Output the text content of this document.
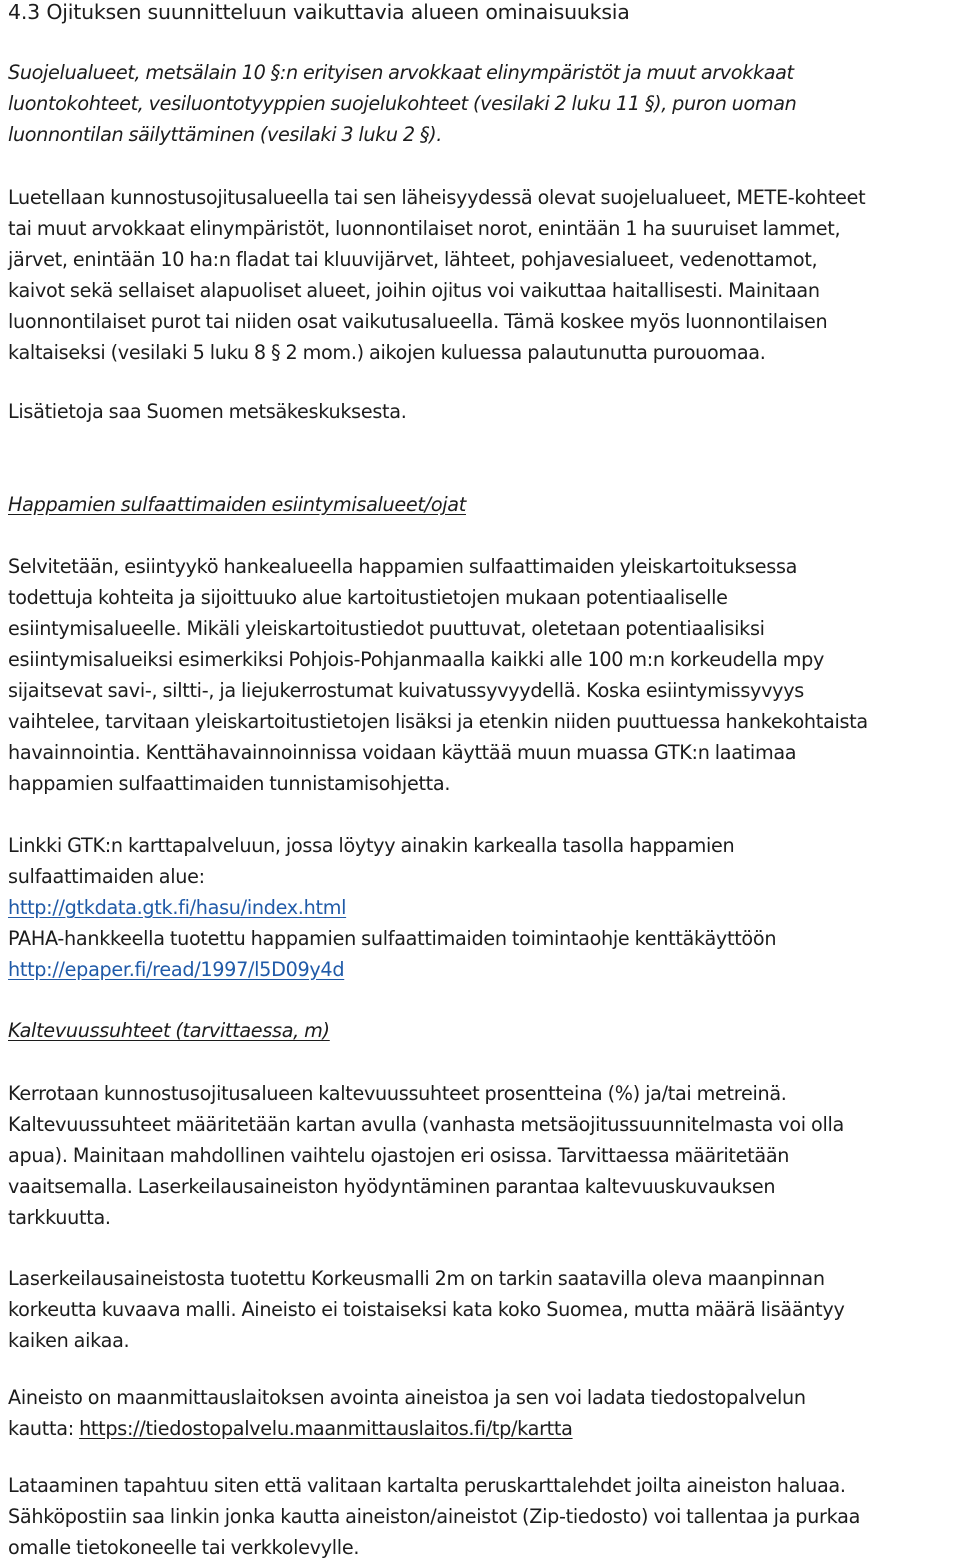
4.3 Ojituksen suunnitteluun vaikuttavia alueen ominaisuuksia

Suojelualueet, metsälain 10 §:n erityisen arvokkaat elinympäristöt ja muut arvokkaat
luontokohteet, vesiluontotyyppien suojelukohteet (vesilaki 2 luku 11 §), puron uoman
luonnontilan säilyttäminen (vesilaki 3 luku 2 §).

Luetellaan kunnostusojitusalueella tai sen läheisyydessä olevat suojelualueet, METE-kohteet
tai muut arvokkaat elinympäristöt, luonnontilaiset norot, enintään 1 ha suuruiset lammet,
järvet, enintään 10 ha:n fladat tai kluuvijärvet, lähteet, pohjavesialueet, vedenottamot,
kaivot sekä sellaiset alapuoliset alueet, joihin ojitus voi vaikuttaa haitallisesti. Mainitaan
luonnontilaiset purot tai niiden osat vaikutusalueella. Tämä koskee myös luonnontilaisen
kaltaiseksi (vesilaki 5 luku 8 § 2 mom.) aikojen kuluessa palautunutta purouomaa.

Lisätietoja saa Suomen metsäkeskuksesta.

Happamien sulfaattimaiden esiintymisalueet/ojat

Selvitetään, esiintyykö hankealueella happamien sulfaattimaiden yleiskartoituksessa
todettuja kohteita ja sijoittuuko alue kartoitustietojen mukaan potentiaaliselle
esiintymisalueelle. Mikäli yleiskartoitustiedot puuttuvat, oletetaan potentiaalisiksi
esiintymisalueiksi esimerkiksi Pohjois-Pohjanmaalla kaikki alle 100 m:n korkeudella mpy
sijaitsevat savi-, siltti-, ja liejukerrostumat kuivatussyvyydellä. Koska esiintymissyvyys
vaihtelee, tarvitaan yleiskartoitustietojen lisäksi ja etenkin niiden puuttuessa hankekohtaista
havainnointia. Kenttähavainnoinnissa voidaan käyttää muun muassa GTK:n laatimaa
happamien sulfaattimaiden tunnistamisohjetta.

Linkki GTK:n karttapalveluun, jossa löytyy ainakin karkealla tasolla happamien
sulfaattimaiden alue:
http://gtkdata.gtk.fi/hasu/index.html
PAHA-hankkeella tuotettu happamien sulfaattimaiden toimintaohje kenttäkäyttöön
http://epaper.fi/read/1997/l5D09y4d

Kaltevuussuhteet (tarvittaessa, m)

Kerrotaan kunnostusojitusalueen kaltevuussuhteet prosentteina (%) ja/tai metreinä.
Kaltevuussuhteet määritetään kartan avulla (vanhasta metsäojitussuunnitelmasta voi olla
apua). Mainitaan mahdollinen vaihtelu ojastojen eri osissa. Tarvittaessa määritetään
vaaitsemalla. Laserkeilausaineiston hyödyntäminen parantaa kaltevuuskuvauksen
tarkkuutta.

Laserkeilausaineistosta tuotettu Korkeusmalli 2m on tarkin saatavilla oleva maanpinnan
korkeutta kuvaava malli. Aineisto ei toistaiseksi kata koko Suomea, mutta määrä lisääntyy
kaiken aikaa.

Aineisto on maanmittauslaitoksen avointa aineistoa ja sen voi ladata tiedostopalvelun
kautta: https://tiedostopalvelu.maanmittauslaitos.fi/tp/kartta

Lataaminen tapahtuu siten että valitaan kartalta peruskarttalehdet joilta aineiston haluaa.
Sähköpostiin saa linkin jonka kautta aineiston/aineistot (Zip-tiedosto) voi tallentaa ja purkaa
omalle tietokoneelle tai verkkolevylle.
